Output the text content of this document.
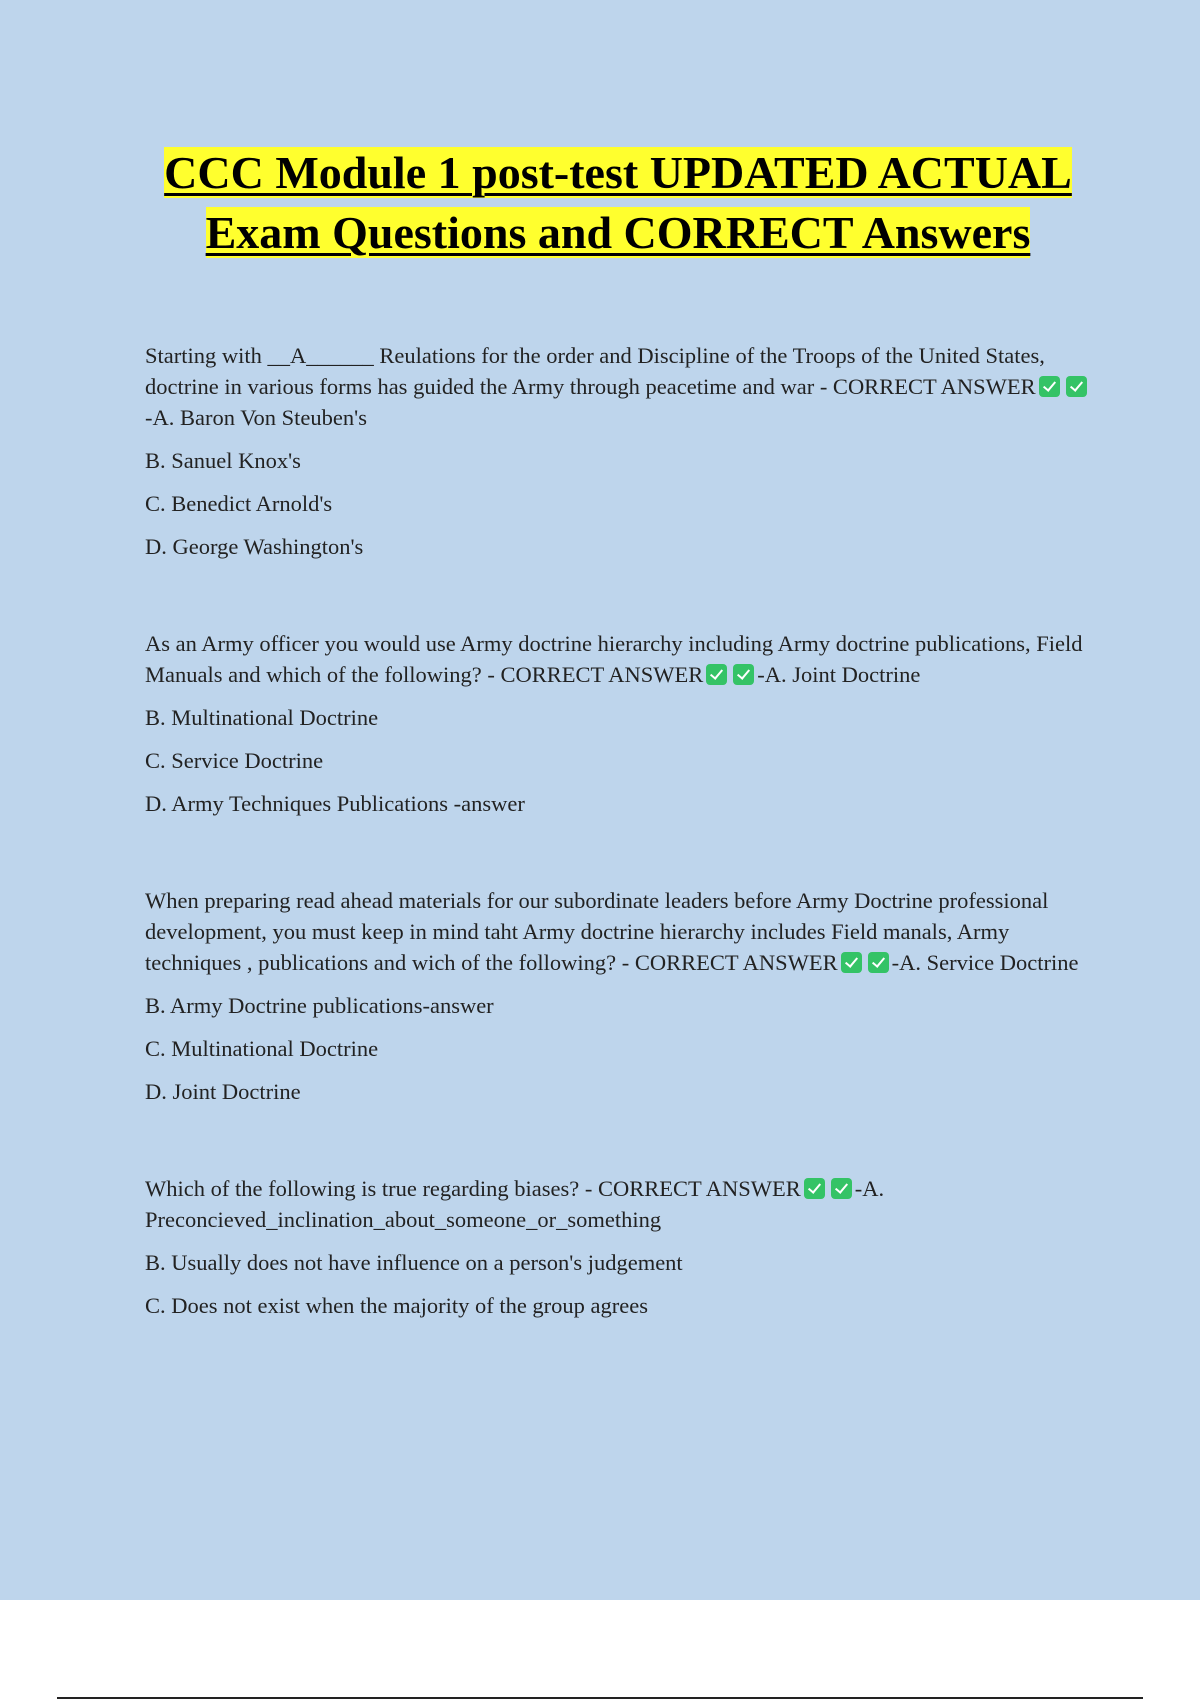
CCC Module 1 post-test UPDATED ACTUAL Exam Questions and CORRECT Answers

Starting with __A______ Reulations for the order and Discipline of the Troops of the United States, doctrine in various forms has guided the Army through peacetime and war - CORRECT ANSWER-A. Baron Von Steuben's

B. Sanuel Knox's

C. Benedict Arnold's

D. George Washington's

As an Army officer you would use Army doctrine hierarchy including Army doctrine publications, Field Manuals and which of the following? - CORRECT ANSWER -A. Joint Doctrine

B. Multinational Doctrine

C. Service Doctrine

D. Army Techniques Publications -answer

When preparing read ahead materials for our subordinate leaders before Army Doctrine professional development, you must keep in mind taht Army doctrine hierarchy includes Field manals, Army techniques , publications and wich of the following? - CORRECT ANSWER -A. Service Doctrine

B. Army Doctrine publications-answer

C. Multinational Doctrine

D. Joint Doctrine

Which of the following is true regarding biases? - CORRECT ANSWER -A. Preconcieved_inclination_about_someone_or_something

B. Usually does not have influence on a person's judgement

C. Does not exist when the majority of the group agrees
